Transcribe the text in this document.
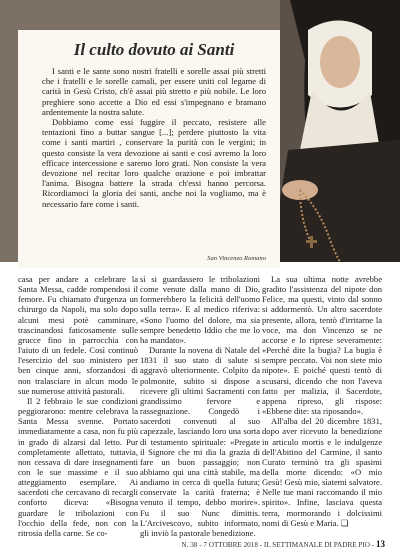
Il culto dovuto ai Santi

I santi e le sante sono nostri fratelli e sorelle assai più stretti che i fratelli e le sorelle carnali, per essere uniti col legame di carità in Gesù Cristo, ch'è assai più stretto e più nobile. Le loro preghiere sono accette a Dio ed essi s'impegnano e bramano ardentemente la nostra salute.

Dobbiamo come essi fuggire il peccato, resistere alle tentazioni fino a buttar sangue [...]; perdere piuttosto la vita come i santi martiri , conservare la purità con le vergini; in questo consiste la vera devozione ai santi e così avremo la loro efficace intercessione e saremo loro grati. Non consiste la vera devozione nel recitar loro qualche orazione e poi imbrattar l'anima. Bisogna battere la strada ch'essi hanno percorsa. Ricordiamoci la gloria dei santi, anche noi la vogliamo, ma è necessario fare come i santi.

San Vincenzo Romano

casa per andare a celebrare la Santa Messa, cadde rompendosi il femore. Fu chiamato d'urgenza un chirurgo da Napoli, ma solo dopo alcuni mesi potè camminare, trascinandosi faticosamente sulle grucce fino in parrocchia con l'aiuto di un fedele. Così continuò l'esercizio del suo ministero per ben cinque anni, sforzandosi di non tralasciare in alcun modo le sue numerose attività pastorali.

Il 2 febbraio le sue condizioni peggiorarono: mentre celebrava la Santa Messa svenne. Portato immediatamente a casa, non fu più in grado di alzarsi dal letto. Pur completamente allettato, tuttavia, non cessava di dare insegnamenti con le sue massime e il suo atteggiamento esemplare. Ai sacerdoti che cercavano di recargli conforto diceva: «Bisogna guardare le tribolazioni con l'occhio della fede, non con la ritrosia della carne. Se co-

sì si guardassero le tribolazioni come venute dalla mano di Dio, formerebbero la felicità dell'uomo sulla terra». E al medico riferiva: «Sono l'uomo del dolore, ma sia sempre benedetto Iddio che me lo ha mandato».

Durante la novena di Natale del 1831 il suo stato di salute si aggravò ulteriormente. Colpito da polmonite, subito si dispose a ricevere gli ultimi Sacramenti con grandissimo fervore e rassegnazione. Congedò i sacerdoti convenuti al suo capezzale, lasciando loro una sorta di testamento spirituale: «Pregate il Signore che mi dia la grazia di fare un buon passaggio; non abbiamo qui una città stabile, ma andiamo in cerca di quella futura; conservate la carità fraterna; è venuto il tempo, debbo morire». Fu il suo Nunc dimittis. L'Arcivescovo, subito informato, gli inviò la pastorale benedizione.

La sua ultima notte avrebbe gradito l'assistenza del nipote don Felice, ma questi, vinto dal sonno si addormentò. Un altro sacerdote presente, allora, tentò d'irritarne la voce, ma don Vincenzo se ne accorse e lo riprese severamente: «Perché dite la bugia? La bugia è sempre peccato. Voi non siete mio nipote». E poiché questi tentò di scusarsi, dicendo che non l'aveva fatto per malizia, il Sacerdote, appena ripreso, gli rispose: «Ebbene dite: sta riposando».

All'alba del 20 dicembre 1831, dopo aver ricevuto la benedizione in articulo mortis e le indulgenze dell'Abitino del Carmine, il santo Curato terminò tra gli spasimi della morte dicendo: «O mio Gesù! Gesù mio, sìatemi salvatore. Nelle tue mani raccomando il mio spirito». Infine, lasciava questa terra, mormorando i dolcissimi nomi di Gesù e Maria. ❏

N. 38 - 7 OTTOBRE 2018 - IL SETTIMANALE DI PADRE PIO - 13
